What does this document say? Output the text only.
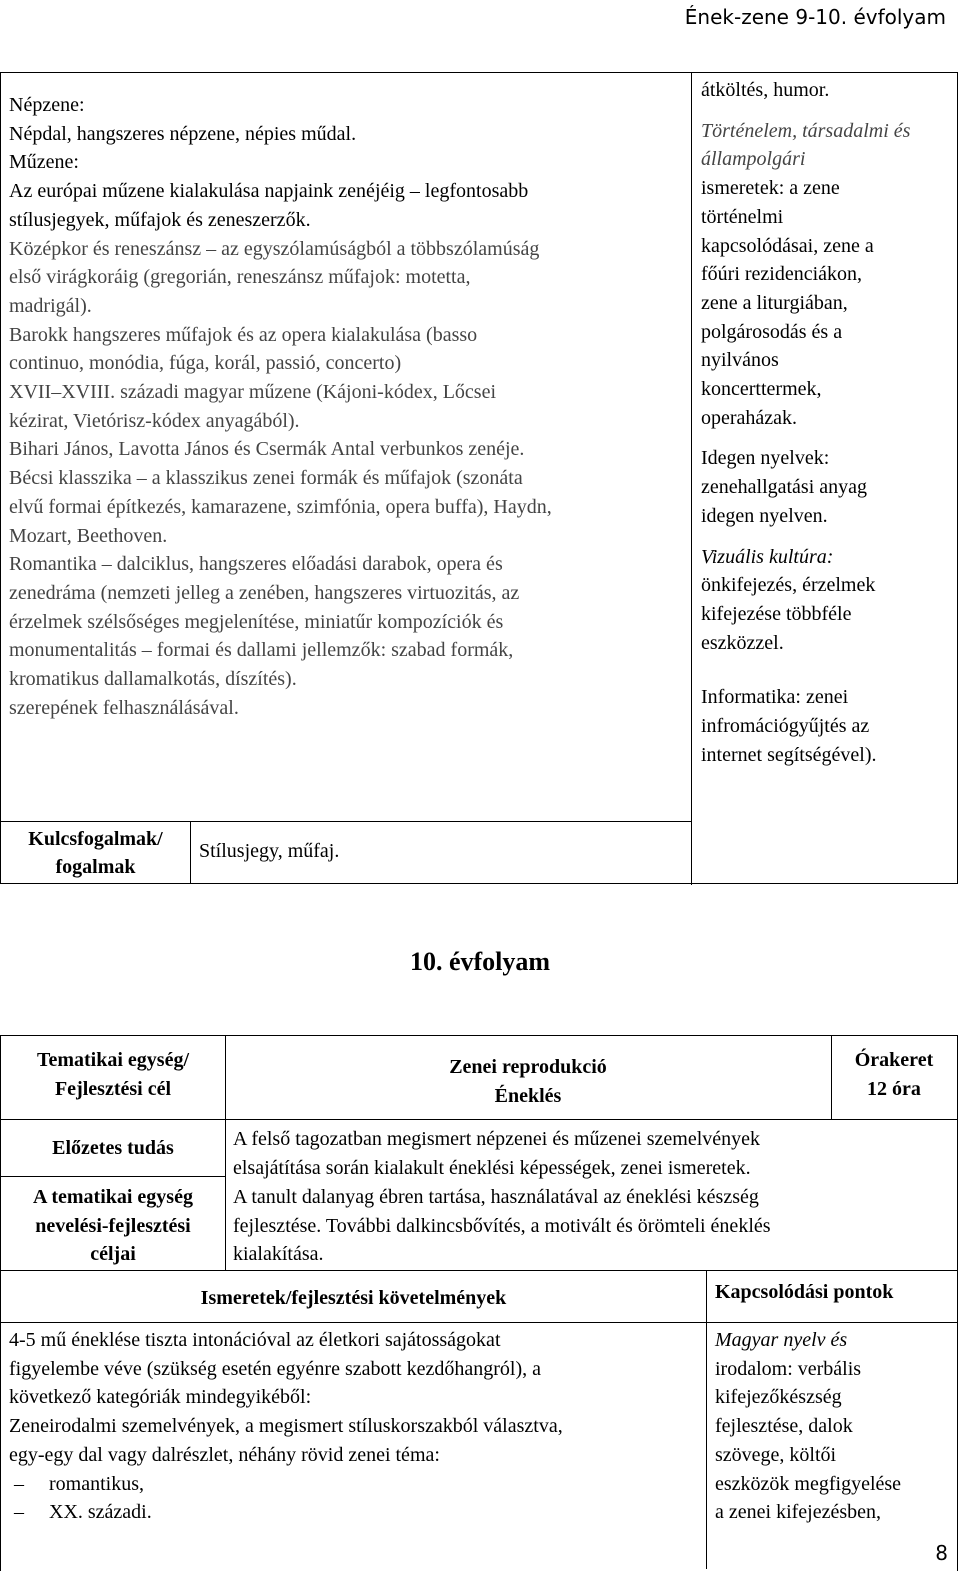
Ének-zene 9-10. évfolyam
Népzene:
Népdal, hangszeres népzene, népies műdal.
Műzene:
Az európai műzene kialakulása napjaink zenéjéig – legfontosabb
stílusjegyek, műfajok és zeneszerzők.
Középkor és reneszánsz – az egyszólamúságból a többszólamúság
első virágkoráig (gregorián, reneszánsz műfajok: motetta,
madrigál).
Barokk hangszeres műfajok és az opera kialakulása (basso
continuo, monódia, fúga, korál, passió, concerto)
XVII–XVIII. századi magyar műzene (Kájoni-kódex, Lőcsei
kézirat, Vietórisz-kódex anyagából).
Bihari János, Lavotta János és Csermák Antal verbunkos zenéje.
Bécsi klasszika – a klasszikus zenei formák és műfajok (szonáta
elvű formai építkezés, kamarazene, szimfónia, opera buffa), Haydn,
Mozart, Beethoven.
Romantika – dalciklus, hangszeres előadási darabok, opera és
zenedráma (nemzeti jelleg a zenében, hangszeres virtuozitás, az
érzelmek szélsőséges megjelenítése, miniatűr kompozíciók és
monumentalitás – formai és dallami jellemzők: szabad formák,
kromatikus dallamalkotás, díszítés).
szerepének felhasználásával.
átköltés, humor.
Történelem, társadalmi és állampolgári
ismeretek: a zene
történelmi
kapcsolódásai, zene a
főúri rezidenciákon,
zene a liturgiában,
polgárosodás és a
nyilvános
koncerttermek,
operaházak.
Idegen nyelvek:
zenehallgatási anyag
idegen nyelven.
Vizuális kultúra:
önkifejezés, érzelmek
kifejezése többféle
eszközzel.
Informatika: zenei
infromációgyűjtés az
internet segítségével).
Kulcsfogalmak/
fogalmak
Stílusjegy, műfaj.
10. évfolyam
Tematikai egység/
Fejlesztési cél
Zenei reprodukció
Éneklés
Órakeret
12 óra
Előzetes tudás	A felső tagozatban megismert népzenei és műzenei szemelvények
elsajátítása során kialakult éneklési képességek, zenei ismeretek.
A tematikai egység
nevelési-fejlesztési
céljai
A tanult dalanyag ébren tartása, használatával az éneklési készség
fejlesztése. További dalkincsbővítés, a motivált és örömteli éneklés
kialakítása.
Ismeretek/fejlesztési követelmények	Kapcsolódási pontok
4-5 mű éneklése tiszta intonációval az életkori sajátosságokat
figyelembe véve (szükség esetén egyénre szabott kezdőhangról), a
következő kategóriák mindegyikéből:
Zeneirodalmi szemelvények, a megismert stíluskorszakból választva,
egy-egy dal vagy dalrészlet, néhány rövid zenei téma:
– romantikus,
– XX. századi.
Magyar nyelv és
irodalom: verbális
kifejezőkészség
fejlesztése, dalok
szövege, költői
eszközök megfigyelése
a zenei kifejezésben,
8
